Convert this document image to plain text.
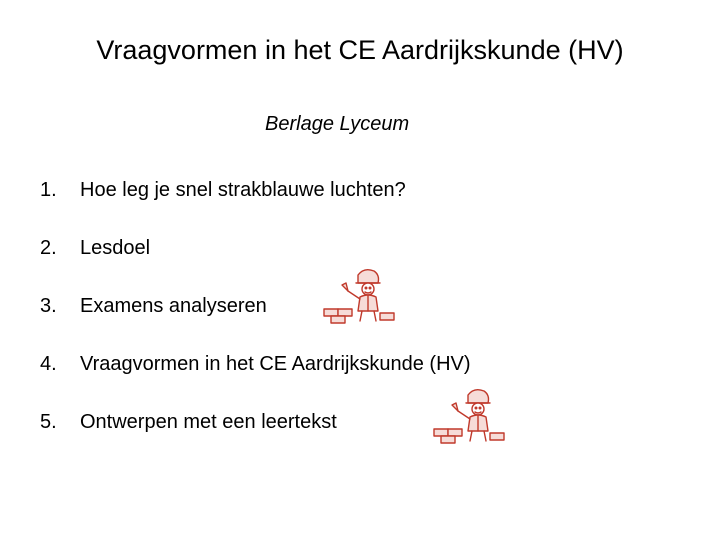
Vraagvormen in het CE Aardrijkskunde (HV)
Berlage Lyceum
1. Hoe leg je snel strakblauwe luchten?
2. Lesdoel
3. Examens analyseren
4. Vraagvormen in het CE Aardrijkskunde (HV)
5. Ontwerpen met een leertekst
